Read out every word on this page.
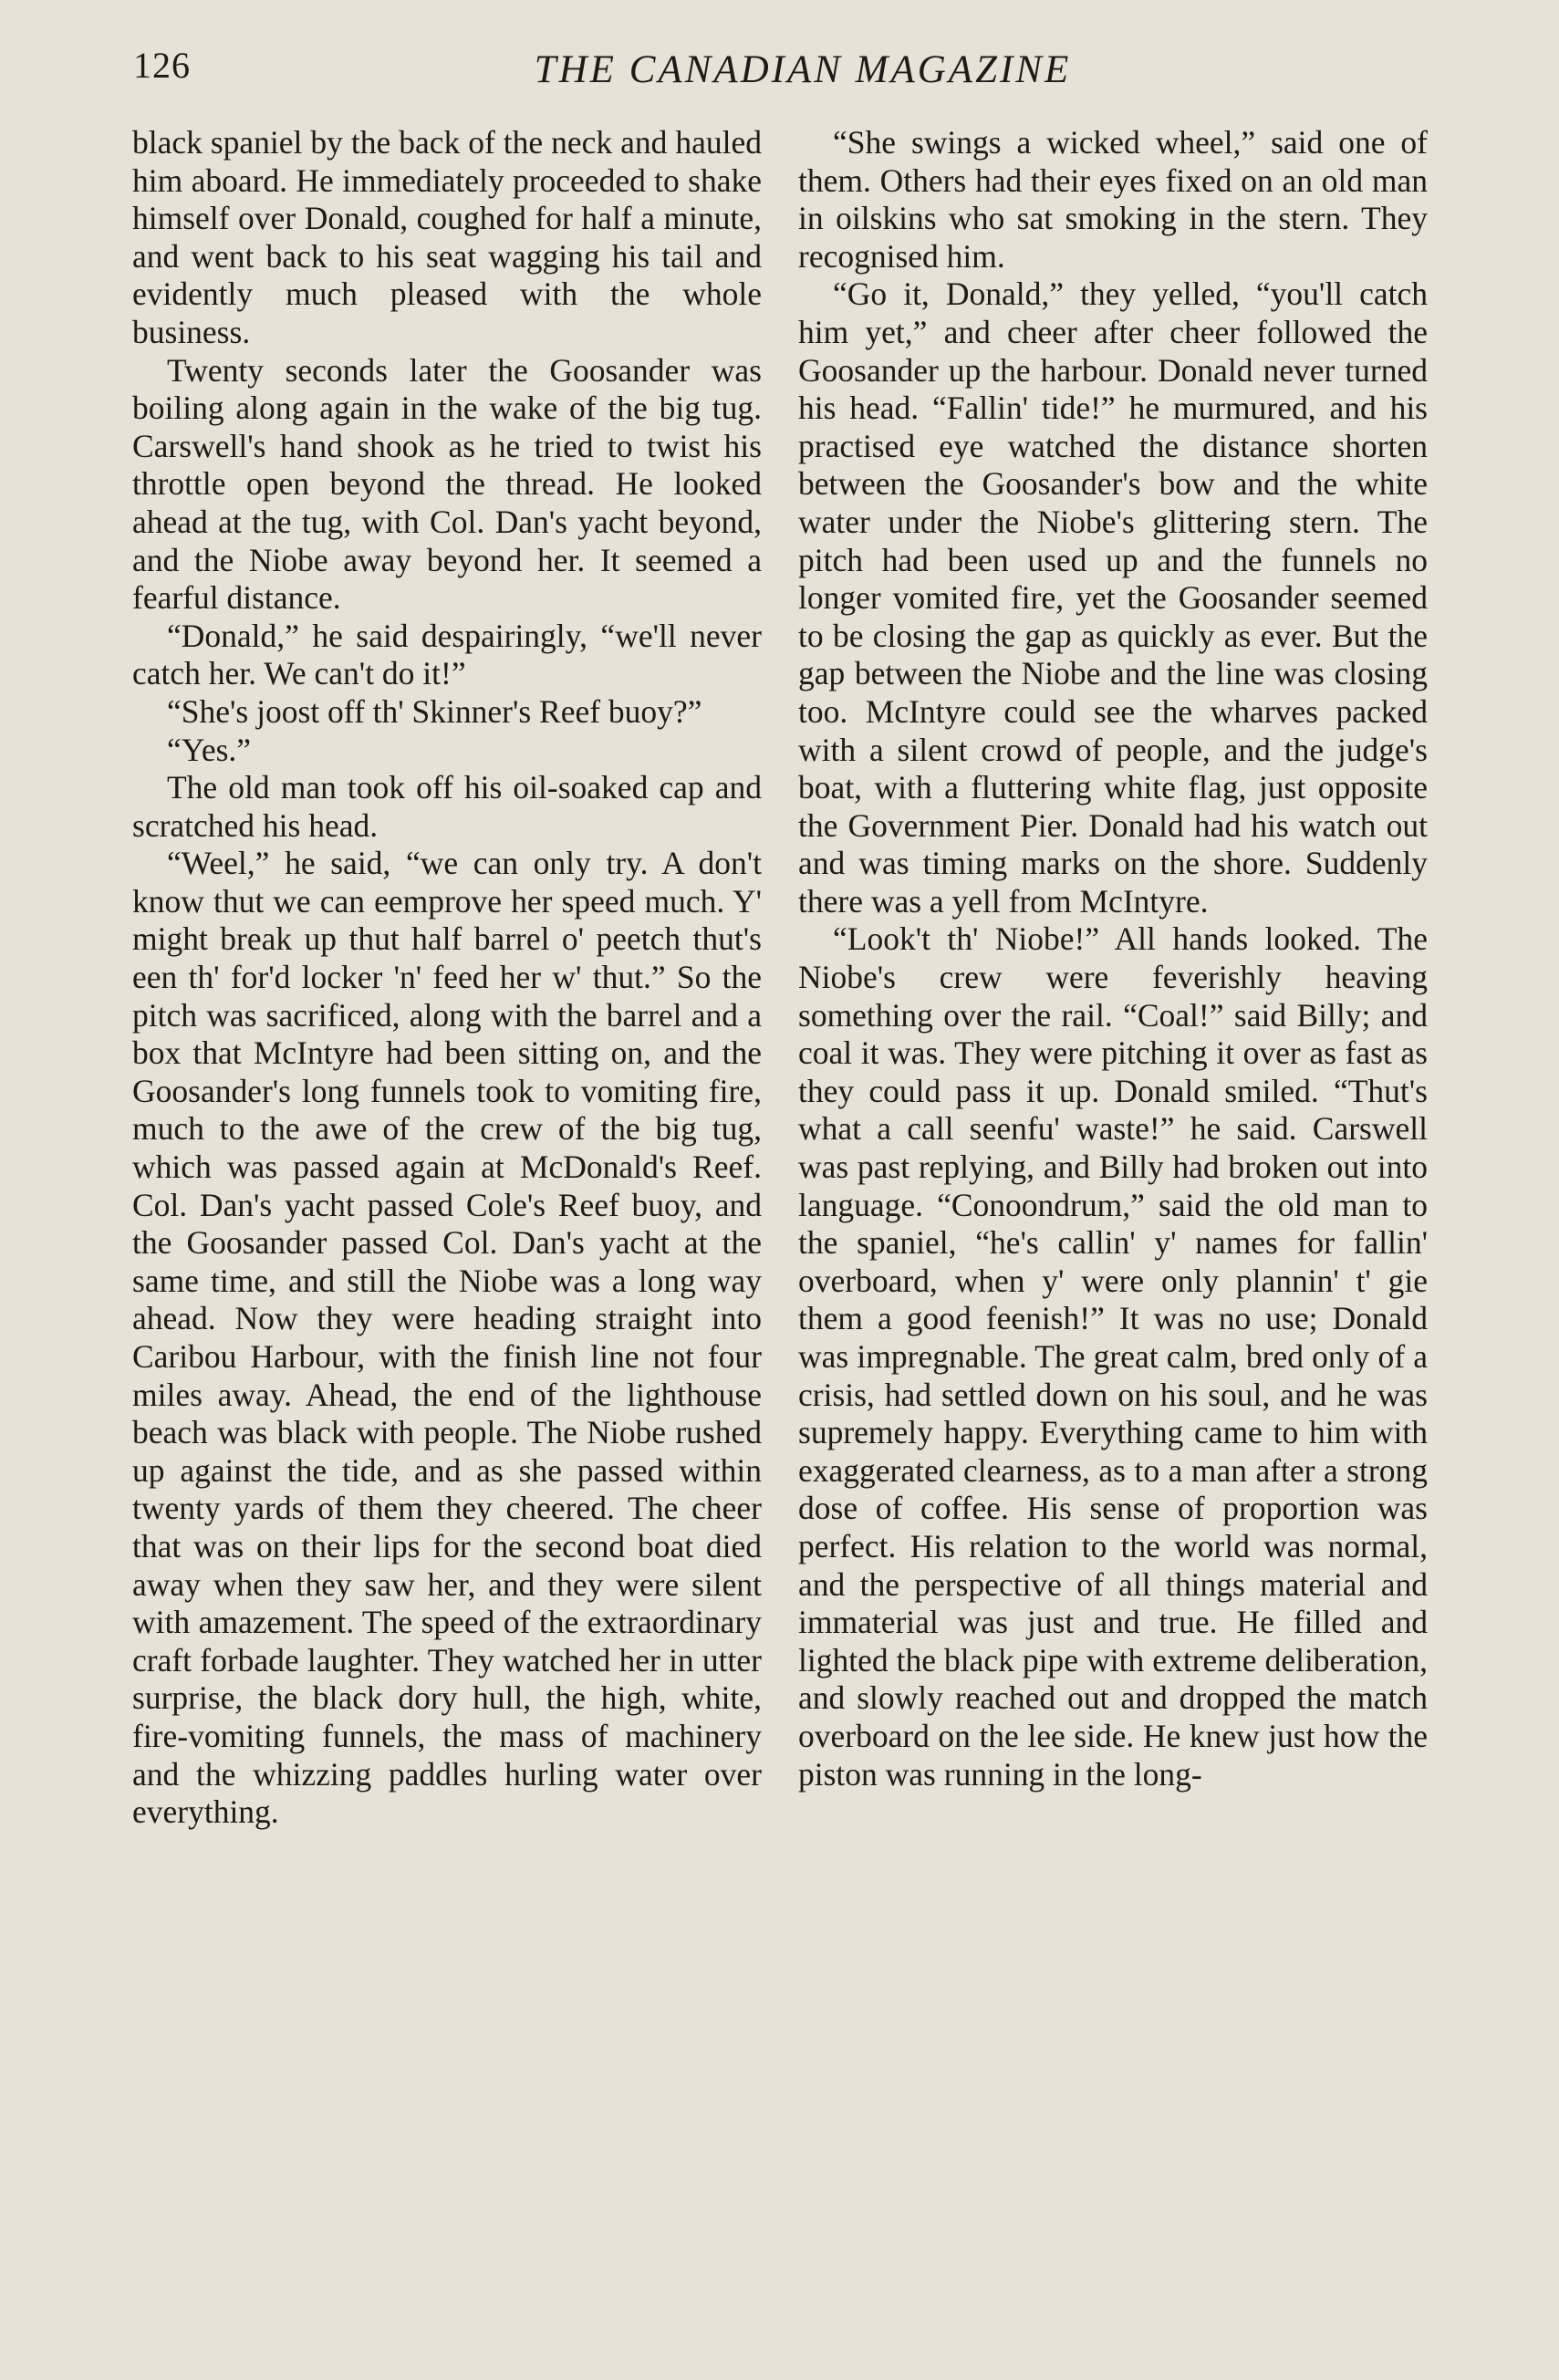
126	THE CANADIAN MAGAZINE

black spaniel by the back of the neck and hauled him aboard. He immediately proceeded to shake himself over Donald, coughed for half a minute, and went back to his seat wagging his tail and evidently much pleased with the whole business.

Twenty seconds later the Goosander was boiling along again in the wake of the big tug. Carswell's hand shook as he tried to twist his throttle open beyond the thread. He looked ahead at the tug, with Col. Dan's yacht beyond, and the Niobe away beyond her. It seemed a fearful distance.

“Donald,” he said despairingly, “we'll never catch her. We can't do it!”

“She's joost off th' Skinner's Reef buoy?”

“Yes.”

The old man took off his oil-soaked cap and scratched his head.

“Weel,” he said, “we can only try. A don't know thut we can eemprove her speed much. Y' might break up thut half barrel o' peetch thut's een th' for'd locker 'n' feed her w' thut.” So the pitch was sacrificed, along with the barrel and a box that McIntyre had been sitting on, and the Goosander's long funnels took to vomiting fire, much to the awe of the crew of the big tug, which was passed again at McDonald's Reef. Col. Dan's yacht passed Cole's Reef buoy, and the Goosander passed Col. Dan's yacht at the same time, and still the Niobe was a long way ahead. Now they were heading straight into Caribou Harbour, with the finish line not four miles away. Ahead, the end of the lighthouse beach was black with people. The Niobe rushed up against the tide, and as she passed within twenty yards of them they cheered. The cheer that was on their lips for the second boat died away when they saw her, and they were silent with amazement. The speed of the extraordinary craft forbade laughter. They watched her in utter surprise, the black dory hull, the high, white, fire-vomiting funnels, the mass of machinery and the whizzing paddles hurling water over everything.

“She swings a wicked wheel,” said one of them. Others had their eyes fixed on an old man in oilskins who sat smoking in the stern. They recognised him.

“Go it, Donald,” they yelled, “you'll catch him yet,” and cheer after cheer followed the Goosander up the harbour. Donald never turned his head. “Fallin' tide!” he murmured, and his practised eye watched the distance shorten between the Goosander's bow and the white water under the Niobe's glittering stern. The pitch had been used up and the funnels no longer vomited fire, yet the Goosander seemed to be closing the gap as quickly as ever. But the gap between the Niobe and the line was closing too. McIntyre could see the wharves packed with a silent crowd of people, and the judge's boat, with a fluttering white flag, just opposite the Government Pier. Donald had his watch out and was timing marks on the shore. Suddenly there was a yell from McIntyre.

“Look't th' Niobe!” All hands looked. The Niobe's crew were feverishly heaving something over the rail. “Coal!” said Billy; and coal it was. They were pitching it over as fast as they could pass it up. Donald smiled. “Thut's what a call seenfu' waste!” he said. Carswell was past replying, and Billy had broken out into language. “Conoondrum,” said the old man to the spaniel, “he's callin' y' names for fallin' overboard, when y' were only plannin' t' gie them a good feenish!” It was no use; Donald was impregnable. The great calm, bred only of a crisis, had settled down on his soul, and he was supremely happy. Everything came to him with exaggerated clearness, as to a man after a strong dose of coffee. His sense of proportion was perfect. His relation to the world was normal, and the perspective of all things material and immaterial was just and true. He filled and lighted the black pipe with extreme deliberation, and slowly reached out and dropped the match overboard on the lee side. He knew just how the piston was running in the long-
